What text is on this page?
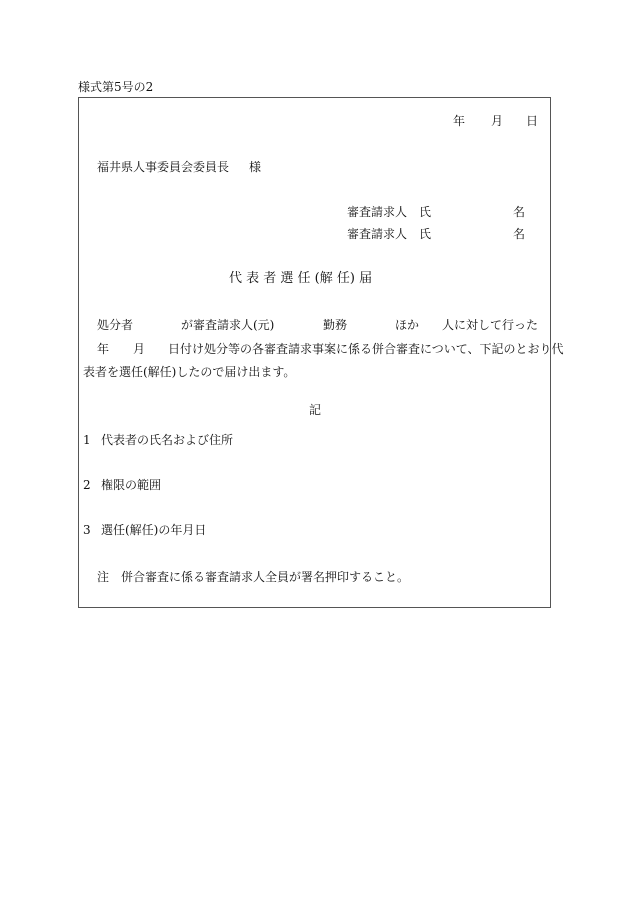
様式第5号の2
年 月 日
福井県人事委員会委員長 様
審査請求人 氏	名
審査請求人 氏	名
代 表 者 選 任 (解 任) 届
処分者	が審査請求人(元)	勤務	ほか 人に対して行った
年 月 日付け処分等の各審査請求事案に係る併合審査について、下記のとおり代
表者を選任(解任)したので届け出ます。
記
1 代表者の氏名および住所
2 権限の範囲
3 選任(解任)の年月日
注 併合審査に係る審査請求人全員が署名押印すること。
